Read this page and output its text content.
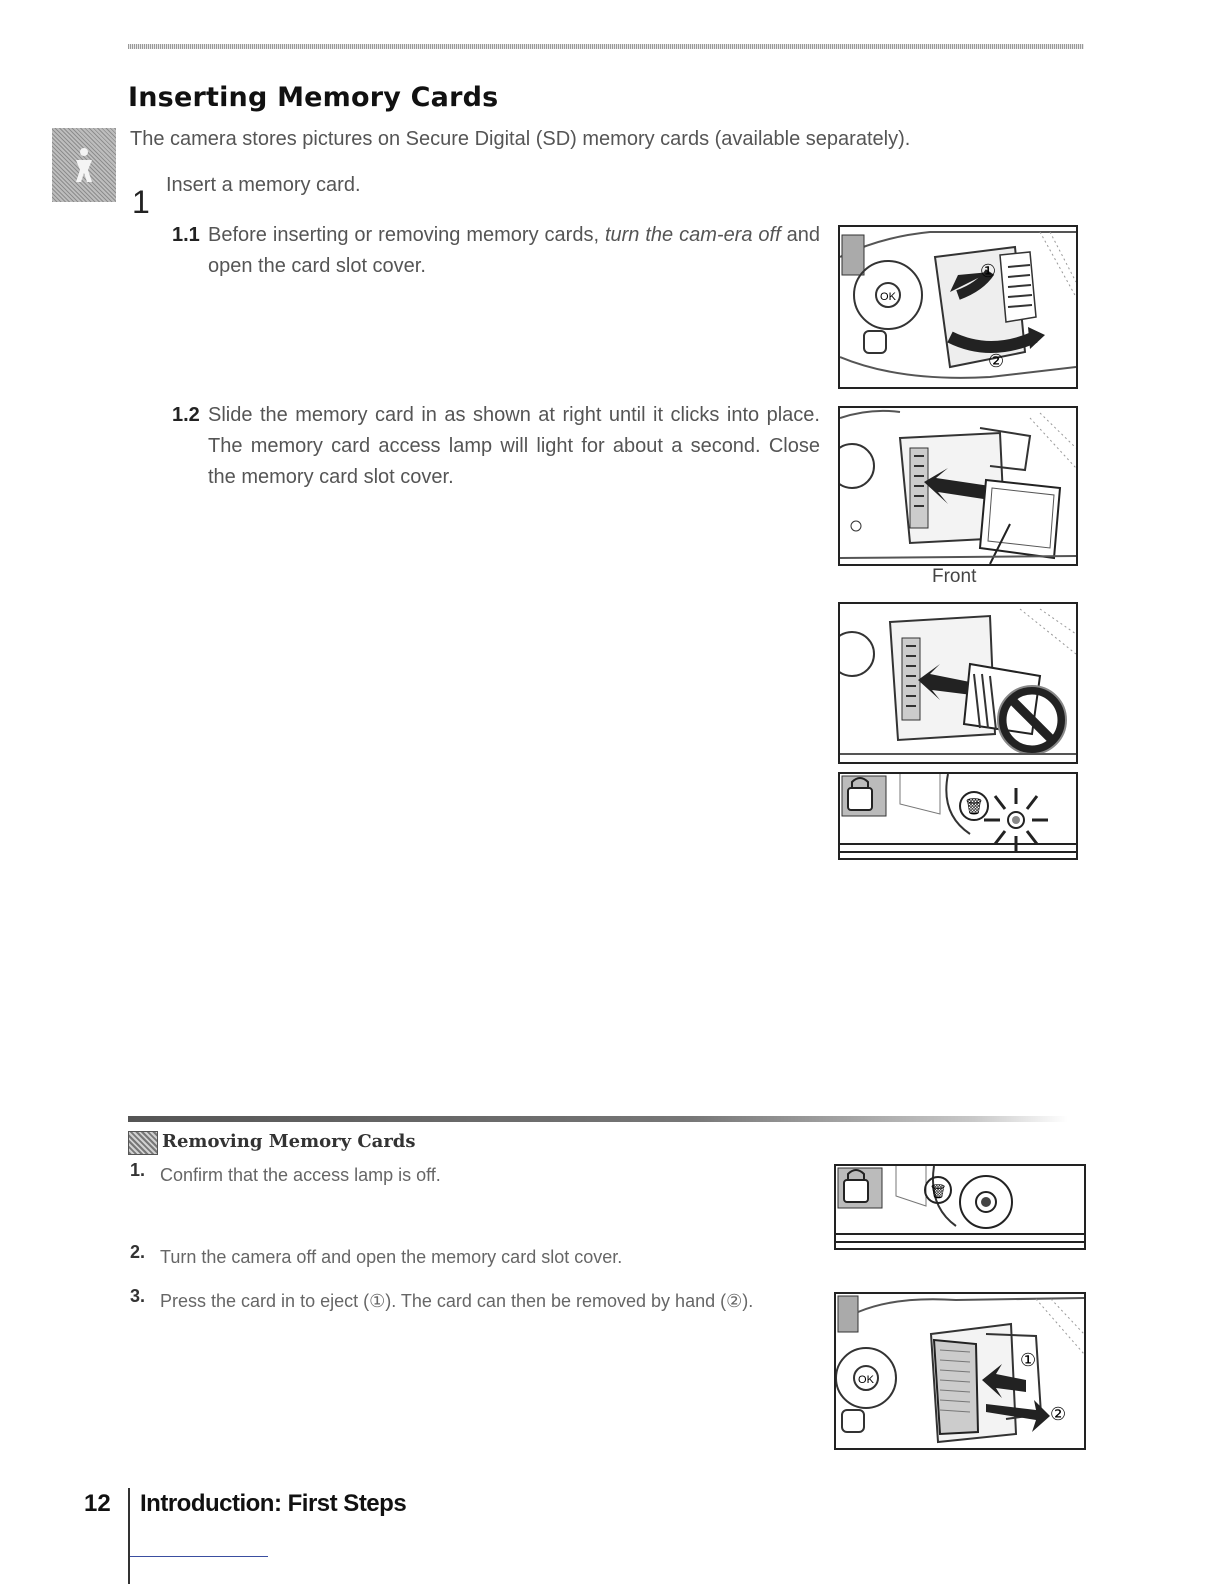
Inserting Memory Cards
The camera stores pictures on Secure Digital (SD) memory cards (available separately).
1 Insert a memory card.
1.1 Before inserting or removing memory cards, turn the cam-era off and open the card slot cover.
1.2 Slide the memory card in as shown at right until it clicks into place. The memory card access lamp will light for about a second. Close the memory card slot cover.
OK
①
②
Front
🗑
Removing Memory Cards
1. Confirm that the access lamp is off.
2. Turn the camera off and open the memory card slot cover.
3. Press the card in to eject (①). The card can then be removed by hand (②).
🗑
OK
①
②
12 Introduction: First Steps
